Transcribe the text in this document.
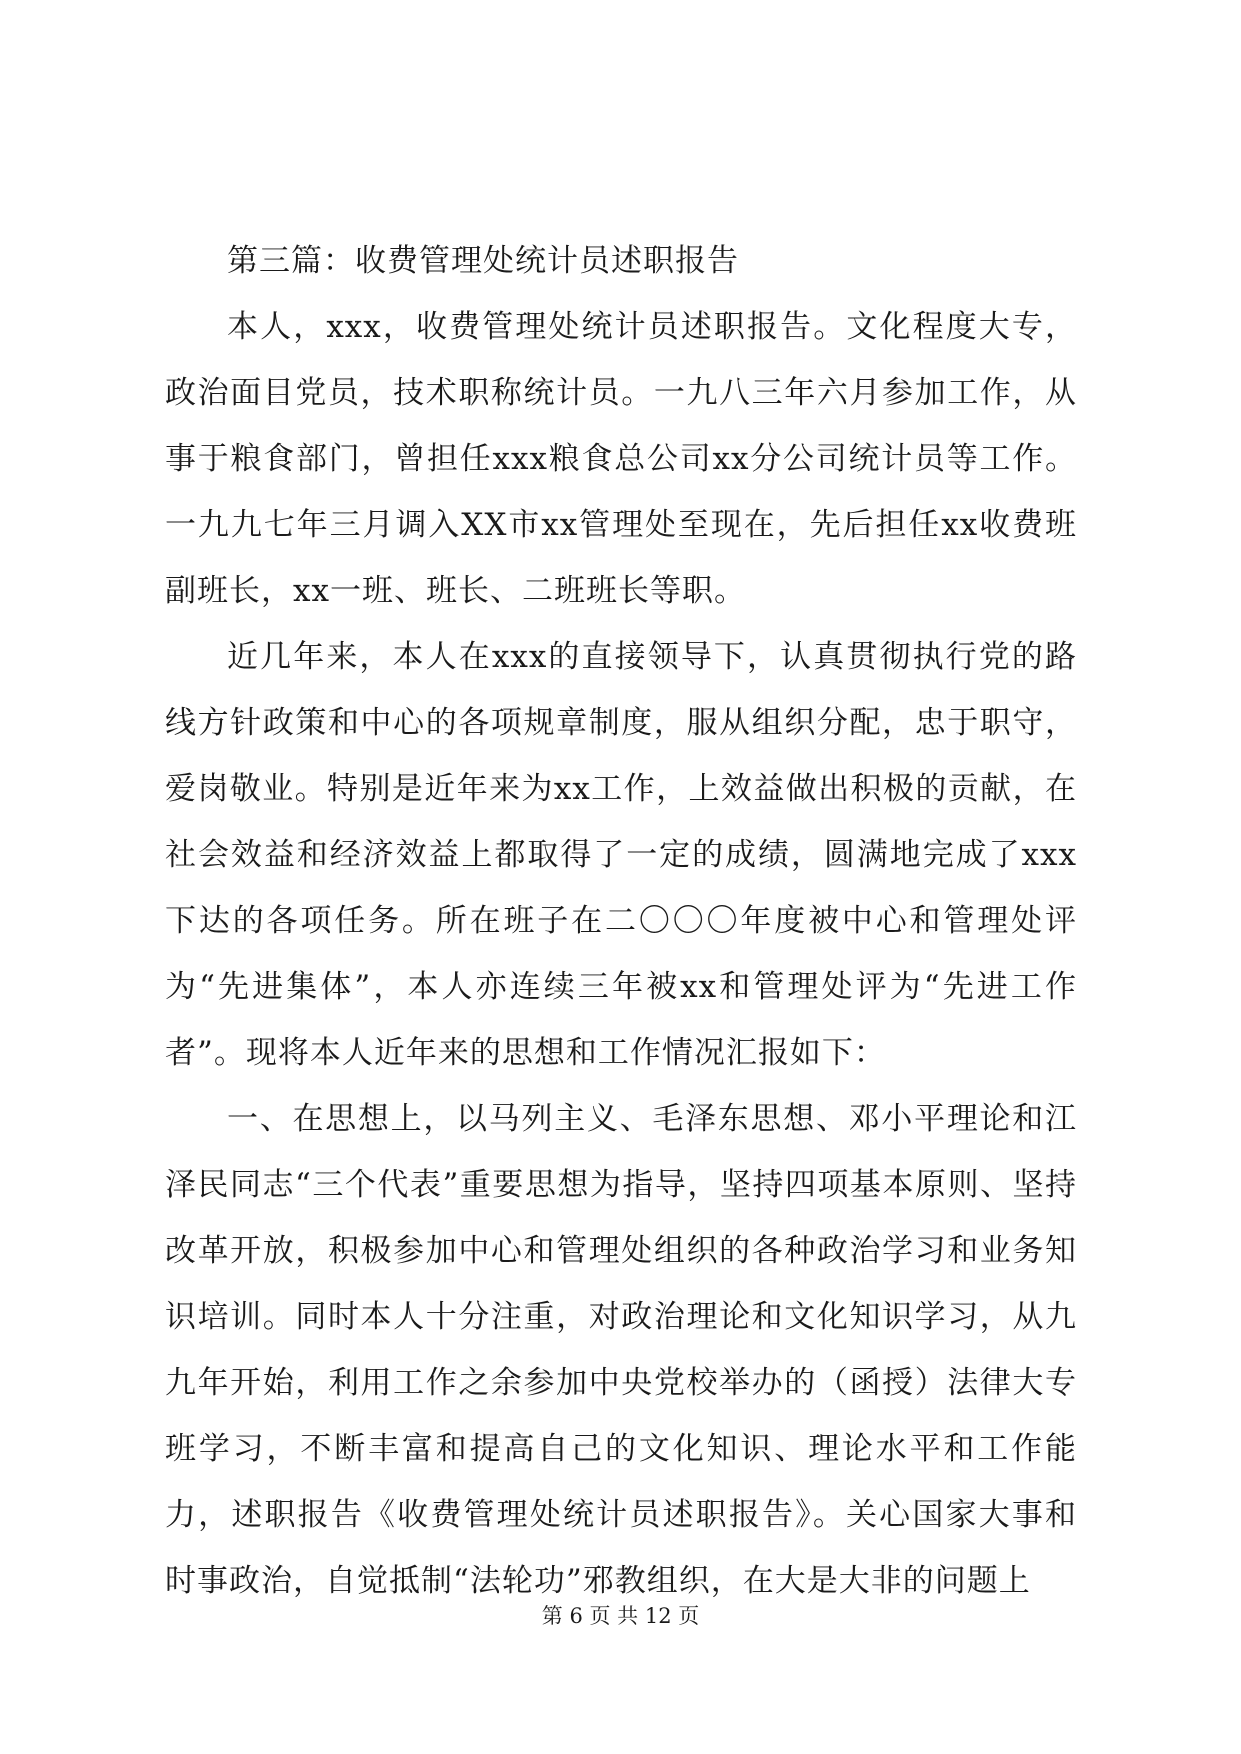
第三篇：收费管理处统计员述职报告

本人，xxx，收费管理处统计员述职报告。文化程度大专，政治面目党员，技术职称统计员。一九八三年六月参加工作，从事于粮食部门，曾担任xxx粮食总公司xx分公司统计员等工作。一九九七年三月调入XX市xx管理处至现在，先后担任xx收费班副班长，xx一班、班长、二班班长等职。

近几年来，本人在xxx的直接领导下，认真贯彻执行党的路线方针政策和中心的各项规章制度，服从组织分配，忠于职守，爱岗敬业。特别是近年来为xx工作，上效益做出积极的贡献，在社会效益和经济效益上都取得了一定的成绩，圆满地完成了xxx下达的各项任务。所在班子在二〇〇〇年度被中心和管理处评为“先进集体”，本人亦连续三年被xx和管理处评为“先进工作者”。现将本人近年来的思想和工作情况汇报如下：

一、在思想上，以马列主义、毛泽东思想、邓小平理论和江泽民同志“三个代表”重要思想为指导，坚持四项基本原则、坚持改革开放，积极参加中心和管理处组织的各种政治学习和业务知识培训。同时本人十分注重，对政治理论和文化知识学习，从九九年开始，利用工作之余参加中央党校举办的（函授）法律大专班学习，不断丰富和提高自己的文化知识、理论水平和工作能力，述职报告《收费管理处统计员述职报告》。关心国家大事和时事政治，自觉抵制“法轮功”邪教组织，在大是大非的问题上

第 6 页 共 12 页
